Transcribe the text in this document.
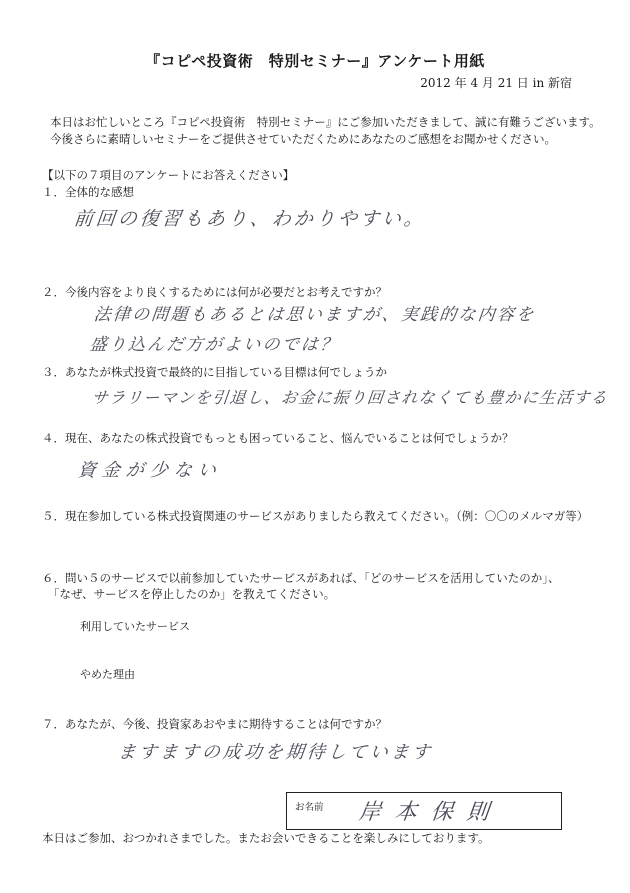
『コピペ投資術　特別セミナー』アンケート用紙
2012 年 4 月 21 日 in 新宿
本日はお忙しいところ『コピペ投資術　特別セミナー』にご参加いただきまして、誠に有難うございます。
今後さらに素晴しいセミナーをご提供させていただくためにあなたのご感想をお聞かせください。
【以下の７項目のアンケートにお答えください】
１．全体的な感想
前回の復習もあり、わかりやすい。
２．今後内容をより良くするためには何が必要だとお考えですか？
法律の問題もあるとは思いますが、実践的な内容を
盛り込んだ方がよいのでは？
３．あなたが株式投資で最終的に目指している目標は何でしょうか
サラリーマンを引退し、お金に振り回されなくても豊かに生活する
４．現在、あなたの株式投資でもっとも困っていること、悩んでいることは何でしょうか？
資金が少ない
５．現在参加している株式投資関連のサービスがありましたら教えてください。（例：〇〇のメルマガ等）
６．問い５のサービスで以前参加していたサービスがあれば、「どのサービスを活用していたのか」、
「なぜ、サービスを停止したのか」を教えてください。
利用していたサービス
やめた理由
７．あなたが、今後、投資家あおやまに期待することは何ですか？
ますますの成功を期待しています
お名前 岸本保則
本日はご参加、おつかれさまでした。またお会いできることを楽しみにしております。
